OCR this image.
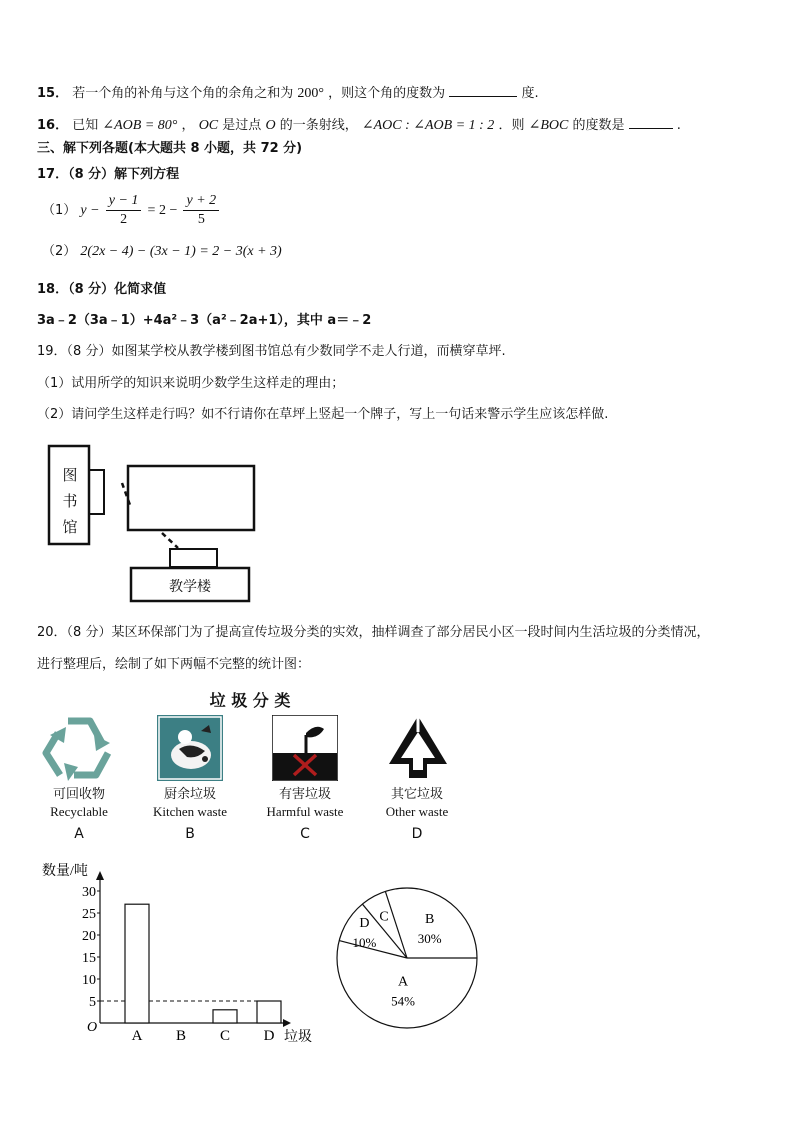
15． 若一个角的补角与这个角的余角之和为 200° ，则这个角的度数为	度.
16． 已知 ∠AOB = 80° ， OC 是过点 O 的一条射线， ∠AOC : ∠AOB = 1 : 2 ．则 ∠BOC 的度数是	.
三、解下列各题(本大题共 8 小题，共 72 分)
17．（8 分）解下列方程
（1） $y - \frac{y - 1}{2} = 2 - \frac{y + 2}{5}$
（2） 2(2x − 4) − (3x − 1) = 2 − 3(x + 3)
18．（8 分）化简求值
3a﹣2（3a﹣1）+4a²﹣3（a²﹣2a+1），其中 a＝﹣2
19．（8 分）如图某学校从教学楼到图书馆总有少数同学不走人行道，而横穿草坪.
（1）试用所学的知识来说明少数学生这样走的理由；
（2）请问学生这样走行吗？如不行请你在草坪上竖起一个牌子，写上一句话来警示学生应该怎样做.
图
书
馆
教学楼
20．（8 分）某区环保部门为了提高宣传垃圾分类的实效，抽样调查了部分居民小区一段时间内生活垃圾的分类情况，
进行整理后，绘制了如下两幅不完整的统计图：
垃 圾 分 类
可回收物
Recyclable
A
厨余垃圾
Kitchen waste
B
有害垃圾
Harmful waste
C
其它垃圾
Other waste
D
数量/吨
O
垃圾
5
10
15
20
25
30
A B C D
A
54%
B
30%
C
D
10%
